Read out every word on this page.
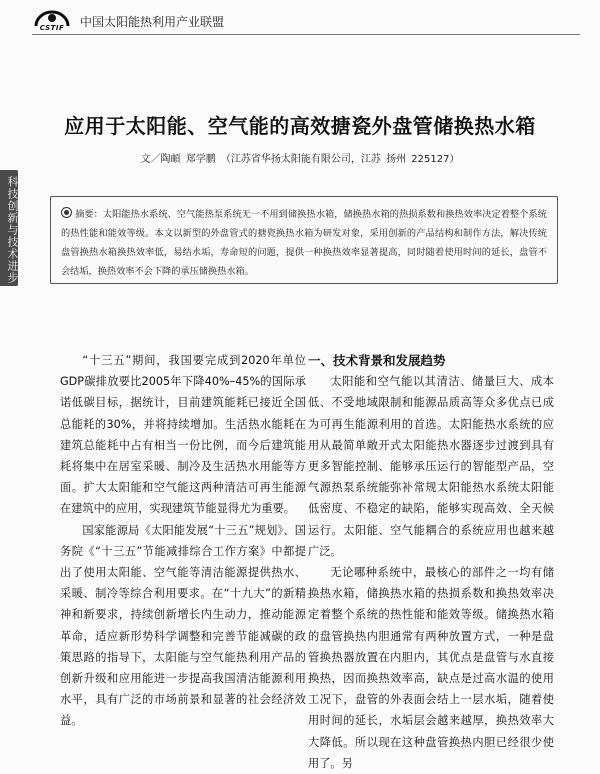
CSTIF	中国太阳能热利用产业联盟
科技创新与技术进步
应用于太阳能、空气能的高效搪瓷外盘管储换热水箱
文／陶頔 郑学鹏 （江苏省华扬太阳能有限公司，江苏 扬州 225127）
摘要：太阳能热水系统、空气能热泵系统无一不用到储换热水箱，储换热水箱的热损系数和换热效率决定着整个系统的热性能和能效等级。本文以新型的外盘管式的搪瓷换热水箱为研发对象，采用创新的产品结构和制作方法，解决传统盘管换热水箱换热效率低，易结水垢，寿命短的问题，提供一种换热效率显著提高，同时随着使用时间的延长，盘管不会结垢，换热效率不会下降的承压储换热水箱。

“十三五”期间，我国要完成到2020年单位GDP碳排放要比2005年下降40%–45%的国际承诺低碳目标，据统计，目前建筑能耗已接近全国总能耗的30%，并将持续增加。生活热水能耗在建筑总能耗中占有相当一份比例，而今后建筑能耗将集中在居室采暖、制冷及生活热水用能等方面。扩大太阳能和空气能这两种清洁可再生能源在建筑中的应用，实现建筑节能显得尤为重要。

国家能源局《太阳能发展“十三五”规划》、国务院《“十三五”节能减排综合工作方案》中都提出了使用太阳能、空气能等清洁能源提供热水、采暖、制冷等综合利用要求。在“十九大”的新精神和新要求，持续创新增长内生动力，推动能源革命，适应新形势科学调整和完善节能减碳的政策思路的指导下，太阳能与空气能热利用产品的创新升级和应用能进一步提高我国清洁能源利用水平，具有广泛的市场前景和显著的社会经济效益。

一、技术背景和发展趋势

太阳能和空气能以其清洁、储量巨大、成本低、不受地域限制和能源品质高等众多优点已成为可再生能源利用的首选。太阳能热水系统的应用从最简单敞开式太阳能热水器逐步过渡到具有更多智能控制、能够承压运行的智能型产品，空气源热泵系统能弥补常规太阳能热水系统太阳能低密度、不稳定的缺陷，能够实现高效、全天候运行。太阳能、空气能耦合的系统应用也越来越广泛。

无论哪种系统中，最核心的部件之一均有储换热水箱，储换热水箱的热损系数和换热效率决定着整个系统的热性能和能效等级。储换热水箱的盘管换热内胆通常有两种放置方式，一种是盘管换热器放置在内胆内，其优点是盘管与水直接换热，因而换热效率高，缺点是过高水温的使用工况下，盘管的外表面会结上一层水垢，随着使用时间的延长，水垢层会越来越厚，换热效率大大降低。所以现在这种盘管换热内胆已经很少使用了。另
